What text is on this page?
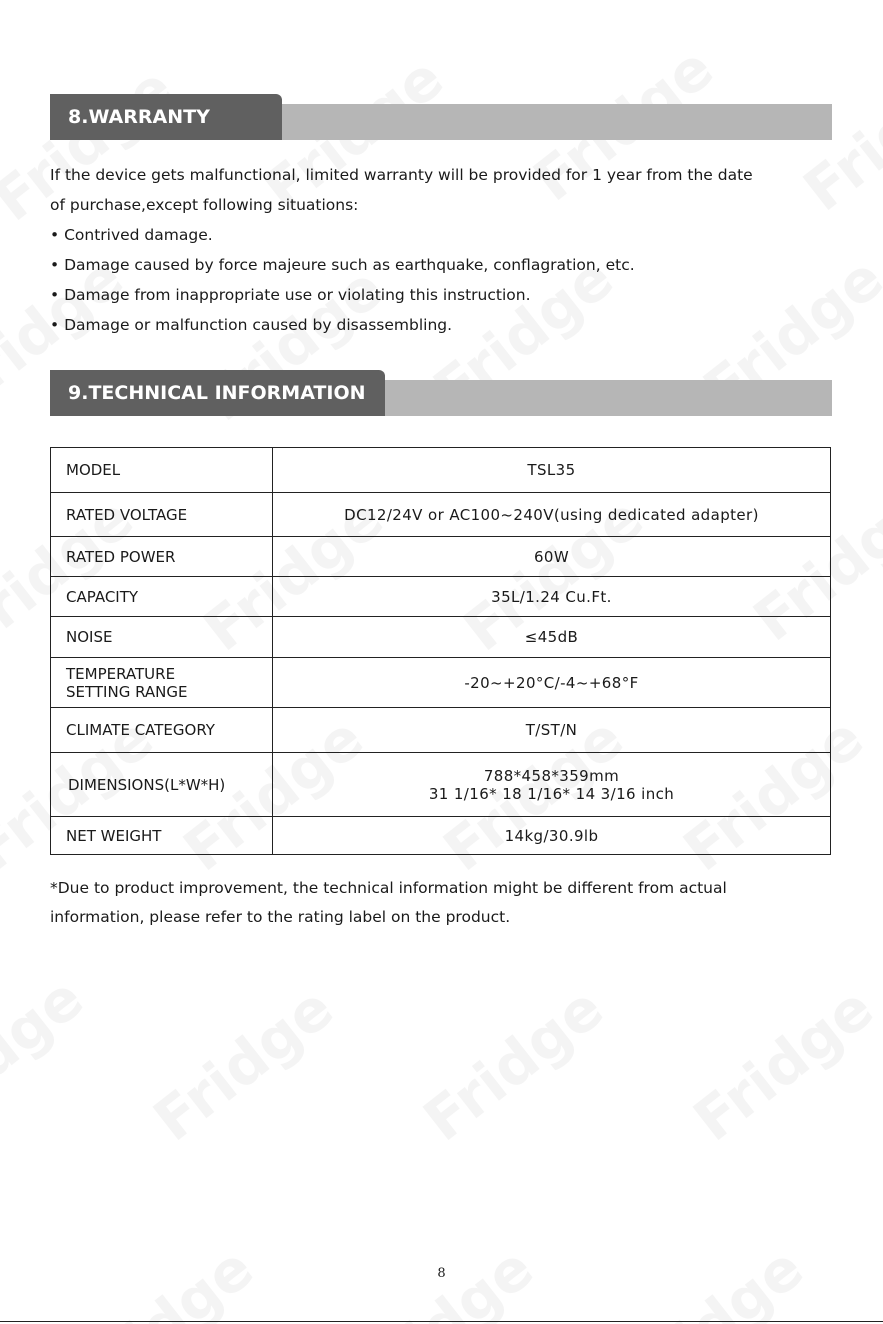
8.WARRANTY

If the device gets malfunctional, limited warranty will be provided for 1 year from the date

of purchase,except following situations:

• Contrived damage.

• Damage caused by force majeure such as earthquake, conflagration, etc.

• Damage from inappropriate use or violating this instruction.

• Damage or malfunction caused by disassembling.

9.TECHNICAL INFORMATION
MODEL	TSL35
RATED VOLTAGE	DC12/24V or AC100~240V(using dedicated adapter)
RATED POWER	60W
CAPACITY	35L/1.24 Cu.Ft.
NOISE	≤45dB

TEMPERATURE
SETTING RANGE	-20~+20°C/-4~+68°F
CLIMATE CATEGORY	T/ST/N
DIMENSIONS(L*W*H)	788*458*359mm
31 1/16* 18 1/16* 14 3/16 inch

NET WEIGHT	14kg/30.9lb
*Due to product improvement, the technical information might be different from actual
information, please refer to the rating label on the product.
8
